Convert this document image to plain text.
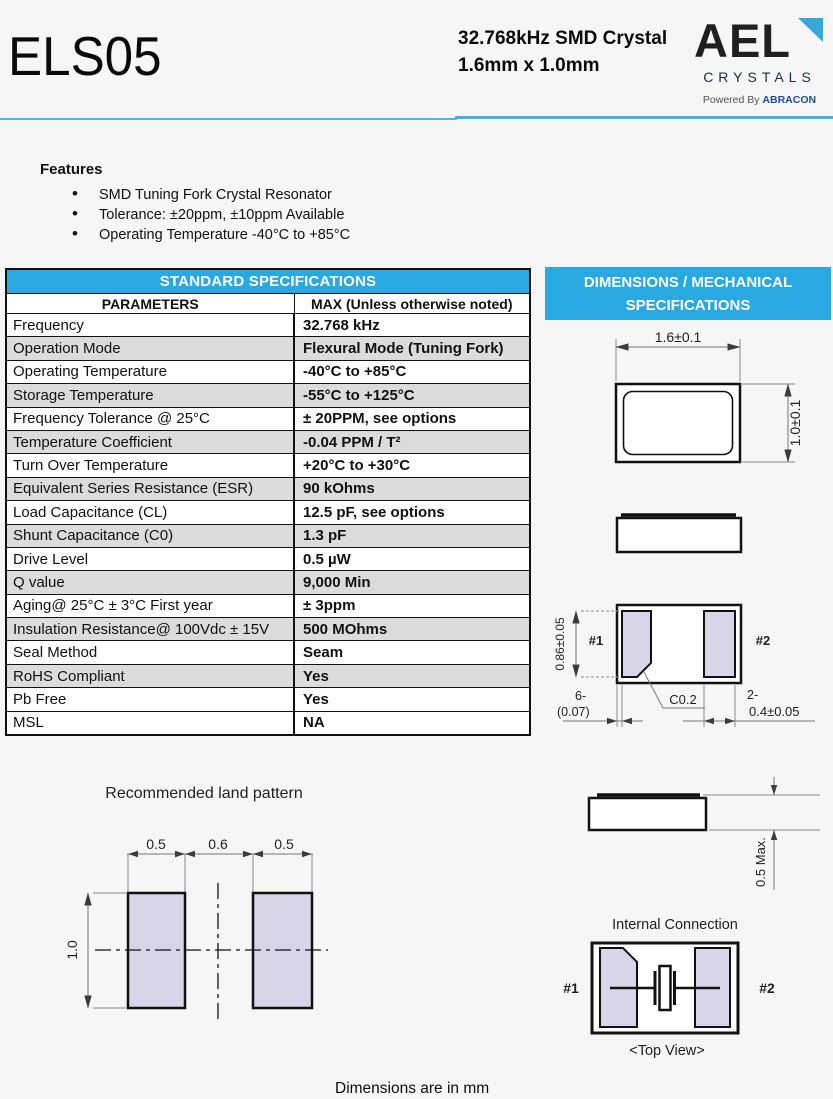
ELS05	32.768kHz SMD Crystal
1.6mm x 1.0mm	AEL
CRYSTALS
Powered By ABRACON
Features
• SMD Tuning Fork Crystal Resonator
• Tolerance: ±20ppm, ±10ppm Available
• Operating Temperature -40°C to +85°C
STANDARD SPECIFICATIONS	
PARAMETERS	MAX (Unless otherwise noted)
Frequency	32.768 kHz
Operation Mode	Flexural Mode (Tuning Fork)
Operating Temperature	-40°C to +85°C
Storage Temperature	-55°C to +125°C
Frequency Tolerance @ 25°C	± 20PPM, see options
Temperature Coefficient	-0.04 PPM / T²
Turn Over Temperature	+20°C to +30°C
Equivalent Series Resistance (ESR)	90 kOhms
Load Capacitance (CL)	12.5 pF, see options
Shunt Capacitance (C0)	1.3 pF
Drive Level	0.5 µW
Q value	9,000 Min
Aging@ 25°C ± 3°C First year	± 3ppm
Insulation Resistance@ 100Vdc ± 15V	500 MOhms
Seal Method	Seam
RoHS Compliant	Yes
Pb Free	Yes
MSL	NA
DIMENSIONS / MECHANICAL
SPECIFICATIONS
1.6±0.1
1.0±0.1
#1	#2
0.86±0.05
6-
(0.07)
C0.2	2-
0.4±0.05
0.5 Max.
Internal Connection
#1	#2
<Top View>
Recommended land pattern
0.5	0.6	0.5
1.0
Dimensions are in mm
